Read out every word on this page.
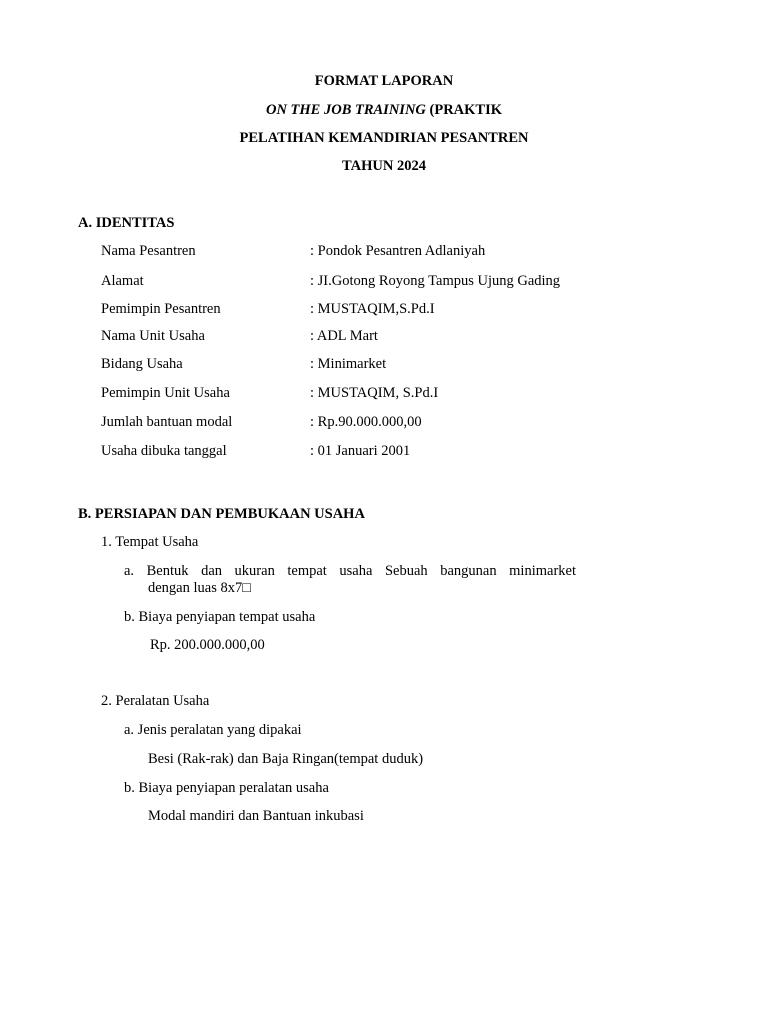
FORMAT LAPORAN
ON THE JOB TRAINING (PRAKTIK
PELATIHAN KEMANDIRIAN PESANTREN
TAHUN 2024
A. IDENTITAS
Nama Pesantren	: Pondok Pesantren Adlaniyah
Alamat	: JI.Gotong Royong Tampus Ujung Gading
Pemimpin Pesantren	: MUSTAQIM,S.Pd.I
Nama Unit Usaha	: ADL Mart
Bidang Usaha	: Minimarket
Pemimpin Unit Usaha	: MUSTAQIM, S.Pd.I
Jumlah bantuan modal	: Rp.90.000.000,00
Usaha dibuka tanggal	: 01 Januari 2001
B. PERSIAPAN DAN PEMBUKAAN USAHA
1. Tempat Usaha
a. Bentuk dan ukuran tempat usaha Sebuah bangunan minimarket
dengan luas 8x7□
b. Biaya penyiapan tempat usaha
Rp. 200.000.000,00
2. Peralatan Usaha
a. Jenis peralatan yang dipakai
Besi (Rak-rak) dan Baja Ringan(tempat duduk)
b. Biaya penyiapan peralatan usaha
Modal mandiri dan Bantuan inkubasi
